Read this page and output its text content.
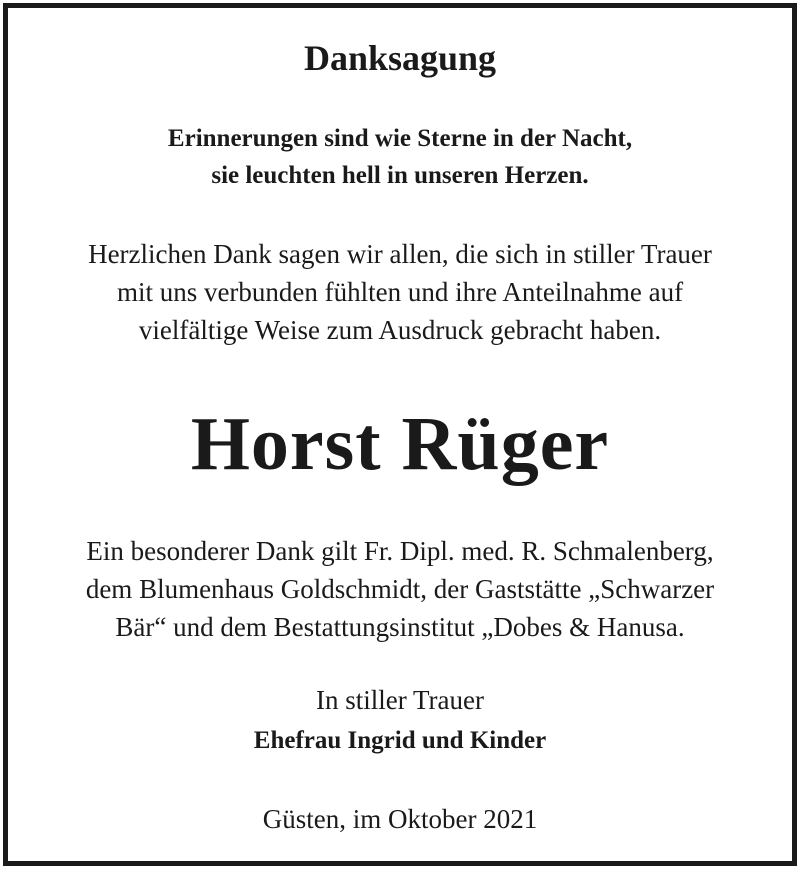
Danksagung
Erinnerungen sind wie Sterne in der Nacht,
sie leuchten hell in unseren Herzen.
Herzlichen Dank sagen wir allen, die sich in stiller Trauer
mit uns verbunden fühlten und ihre Anteilnahme auf
vielfältige Weise zum Ausdruck gebracht haben.
Horst Rüger
Ein besonderer Dank gilt Fr. Dipl. med. R. Schmalenberg,
dem Blumenhaus Goldschmidt, der Gaststätte „Schwarzer
Bär“ und dem Bestattungsinstitut „Dobes & Hanusa.
In stiller Trauer
Ehefrau Ingrid und Kinder
Güsten, im Oktober 2021
